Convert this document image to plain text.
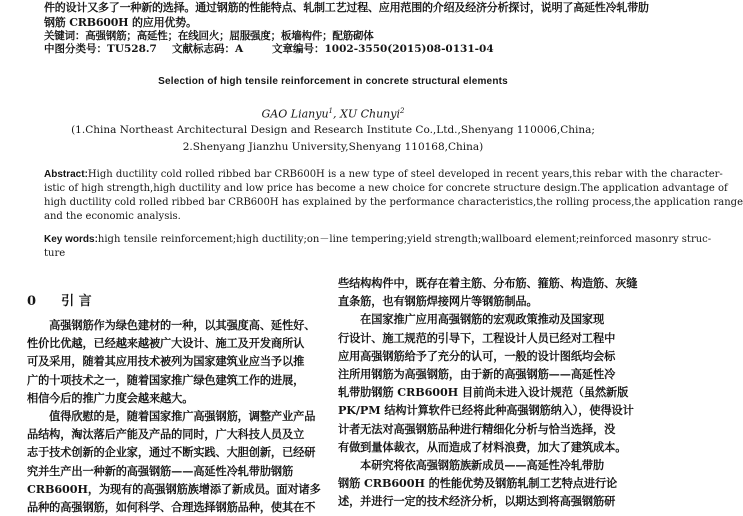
件的设计又多了一种新的选择。通过钢筋的性能特点、轧制工艺过程、应用范围的介绍及经济分析探讨，说明了高延性冷轧带肋
钢筋 CRB600H 的应用优势。
关键词：高强钢筋；高延性；在线回火；屈服强度；板墙构件；配筋砌体
中图分类号：TU528.7 文献标志码：A	文章编号：1002-3550(2015)08-0131-04
Selection of high tensile reinforcement in concrete structural elements
GAO Lianyu$^1$, XU Chunyi$^2$
(1.China Northeast Architectural Design and Research Institute Co.,Ltd.,Shenyang 110006,China;
2.Shenyang Jianzhu University,Shenyang 110168,China)
Abstract:High ductility cold rolled ribbed bar CRB600H is a new type of steel developed in recent years,this rebar with the character-
istic of high strength,high ductility and low price has become a new choice for concrete structure design.The application advantage of
high ductility cold rolled ribbed bar CRB600H has explained by the performance characteristics,the rolling process,the application range
and the economic analysis.
Key words:high tensile reinforcement;high ductility;on－line tempering;yield strength;wallboard element;reinforced masonry struc-
ture
0 引 言
　　高强钢筋作为绿色建材的一种，以其强度高、延性好、
性价比优越，已经越来越被广大设计、施工及开发商所认
可及采用，随着其应用技术被列为国家建筑业应当予以推
广的十项技术之一，随着国家推广绿色建筑工作的进展，
相信今后的推广力度会越来越大。
　　值得欣慰的是，随着国家推广高强钢筋，调整产业产品
品结构，淘汰落后产能及产品的同时，广大科技人员及立
志于技术创新的企业家，通过不断实践、大胆创新，已经研
究并生产出一种新的高强钢筋——高延性冷轧带肋钢筋
CRB600H，为现有的高强钢筋族增添了新成员。面对诸多
品种的高强钢筋，如何科学、合理选择钢筋品种，使其在不
些结构构件中，既存在着主筋、分布筋、箍筋、构造筋、灰缝
直条筋，也有钢筋焊接网片等钢筋制品。
　　在国家推广应用高强钢筋的宏观政策推动及国家现
行设计、施工规范的引导下，工程设计人员已经对工程中
应用高强钢筋给予了充分的认可，一般的设计图纸均会标
注所用钢筋为高强钢筋，由于新的高强钢筋——高延性冷
轧带肋钢筋 CRB600H 目前尚未进入设计规范（虽然新版
PK/PM 结构计算软件已经将此种高强钢筋纳入），使得设计
计者无法对高强钢筋品种进行精细化分析与恰当选择，没
有做到量体裁衣，从而造成了材料浪费，加大了建筑成本。
　　本研究将依高强钢筋族新成员——高延性冷轧带肋
钢筋 CRB600H 的性能优势及钢筋轧制工艺特点进行论
述，并进行一定的技术经济分析，以期达到将高强钢筋研
